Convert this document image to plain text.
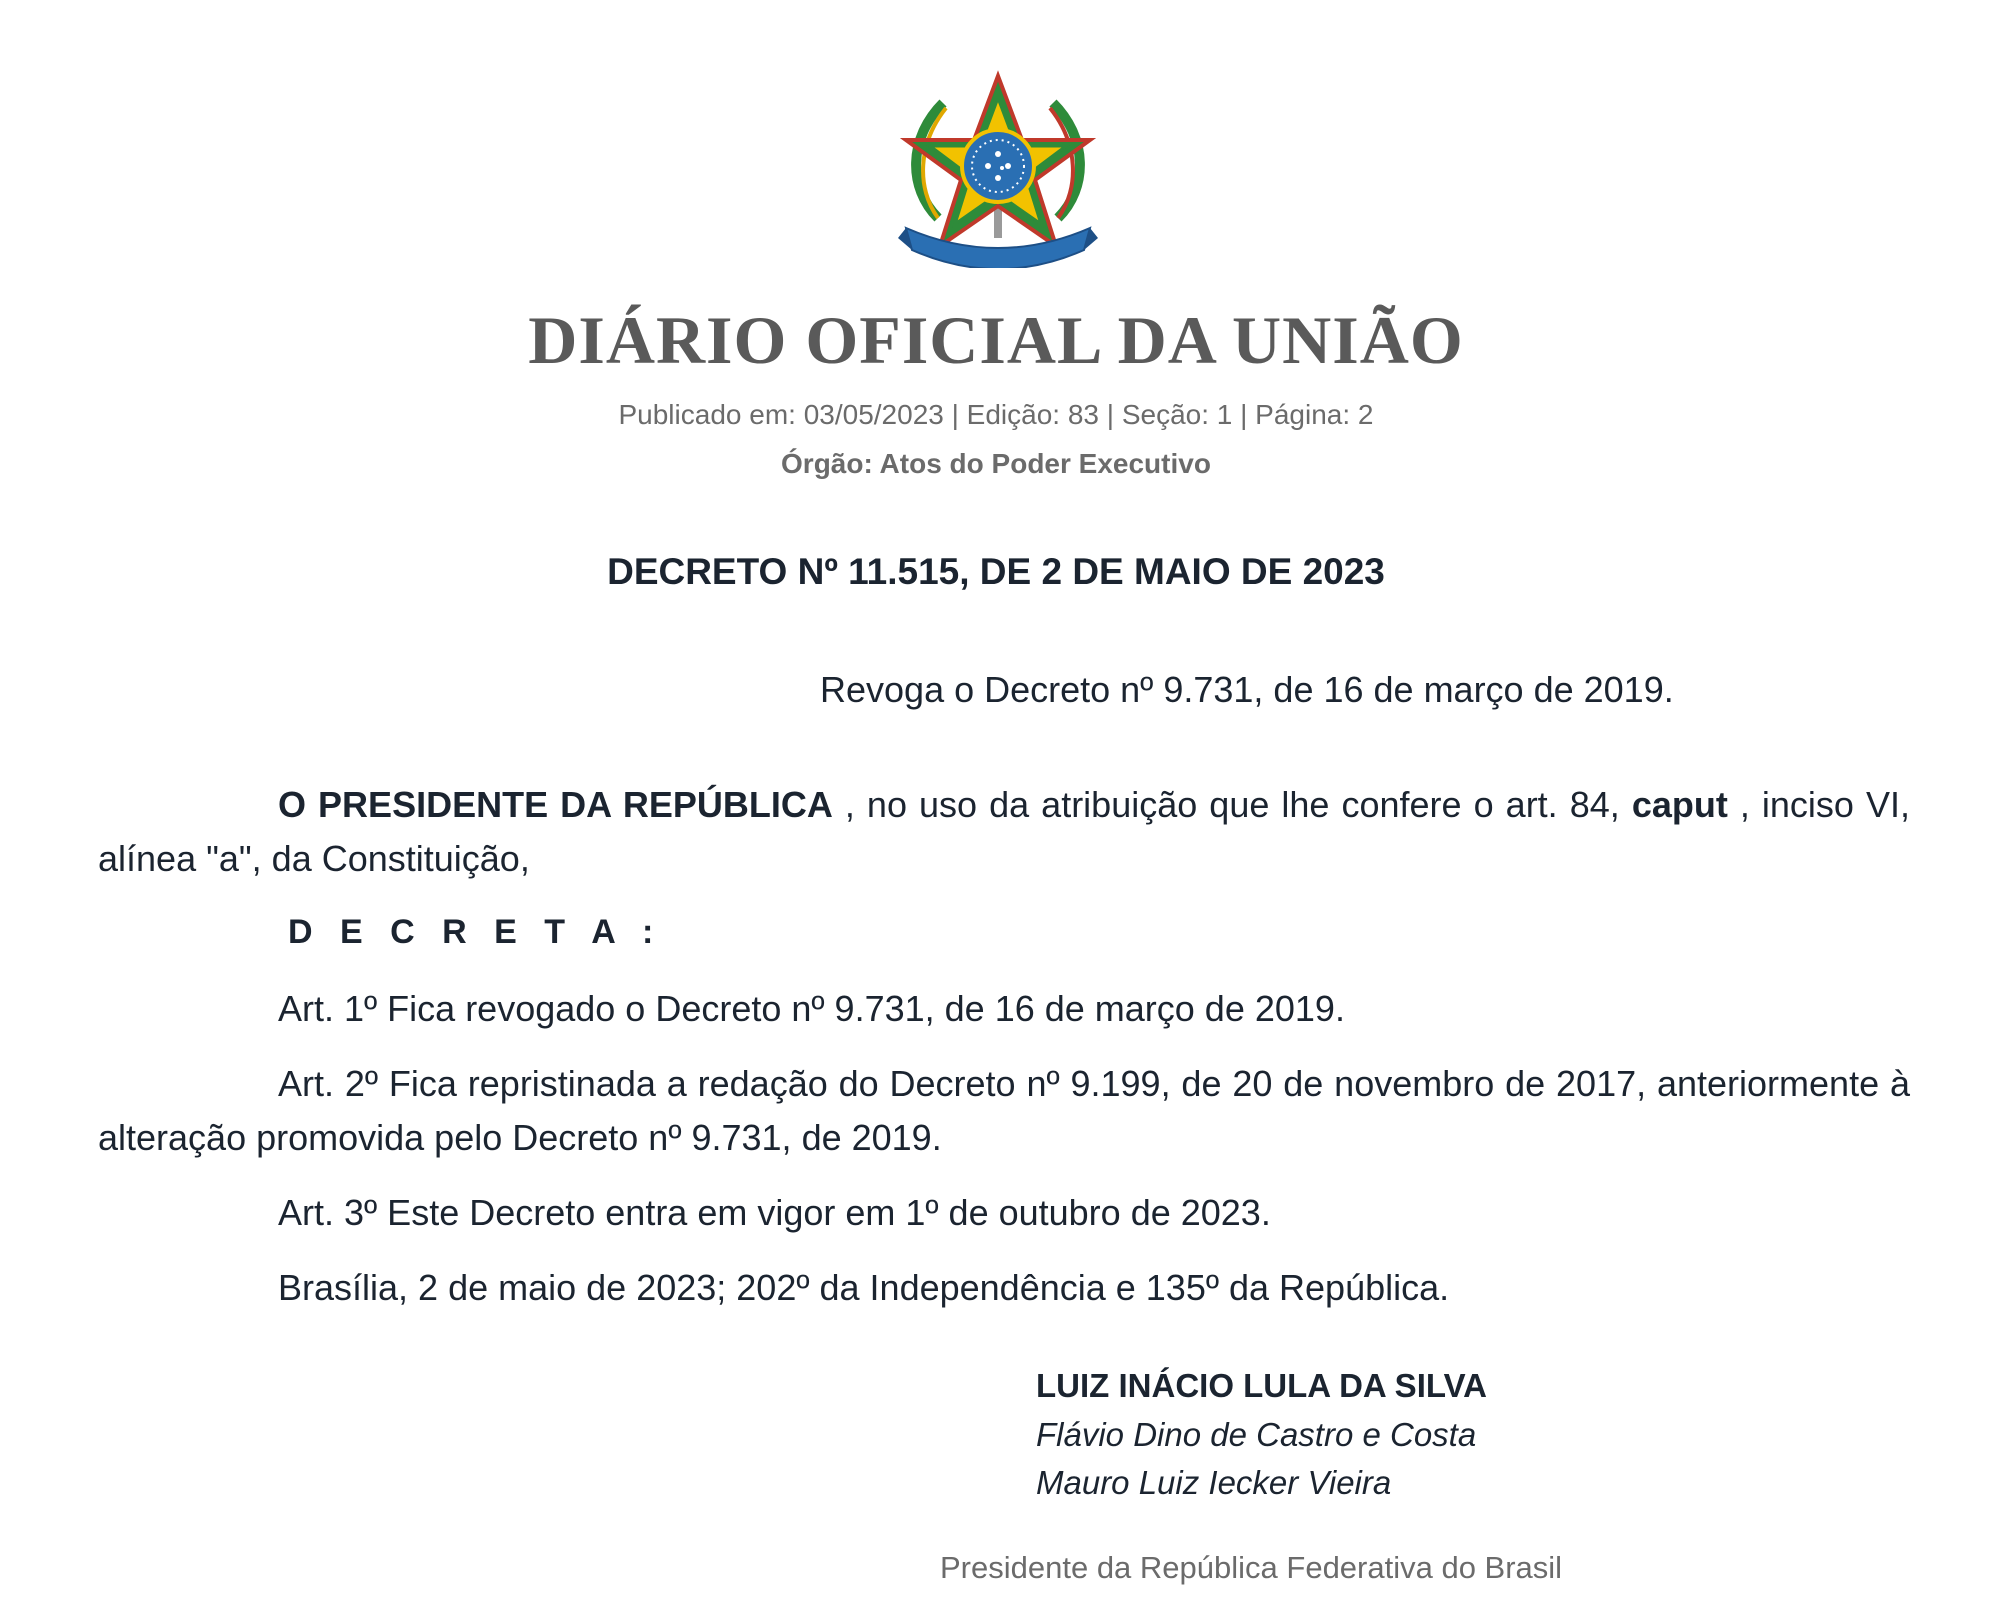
DIÁRIO OFICIAL DA UNIÃO
Publicado em: 03/05/2023 | Edição: 83 | Seção: 1 | Página: 2
Órgão: Atos do Poder Executivo
DECRETO Nº 11.515, DE 2 DE MAIO DE 2023
Revoga o Decreto nº 9.731, de 16 de março de 2019.
O PRESIDENTE DA REPÚBLICA , no uso da atribuição que lhe confere o art. 84, caput , inciso VI, alínea "a", da Constituição,
D E C R E T A :
Art. 1º Fica revogado o Decreto nº 9.731, de 16 de março de 2019.
Art. 2º Fica repristinada a redação do Decreto nº 9.199, de 20 de novembro de 2017, anteriormente à alteração promovida pelo Decreto nº 9.731, de 2019.
Art. 3º Este Decreto entra em vigor em 1º de outubro de 2023.
Brasília, 2 de maio de 2023; 202º da Independência e 135º da República.
LUIZ INÁCIO LULA DA SILVA
Flávio Dino de Castro e Costa
Mauro Luiz Iecker Vieira
Presidente da República Federativa do Brasil
